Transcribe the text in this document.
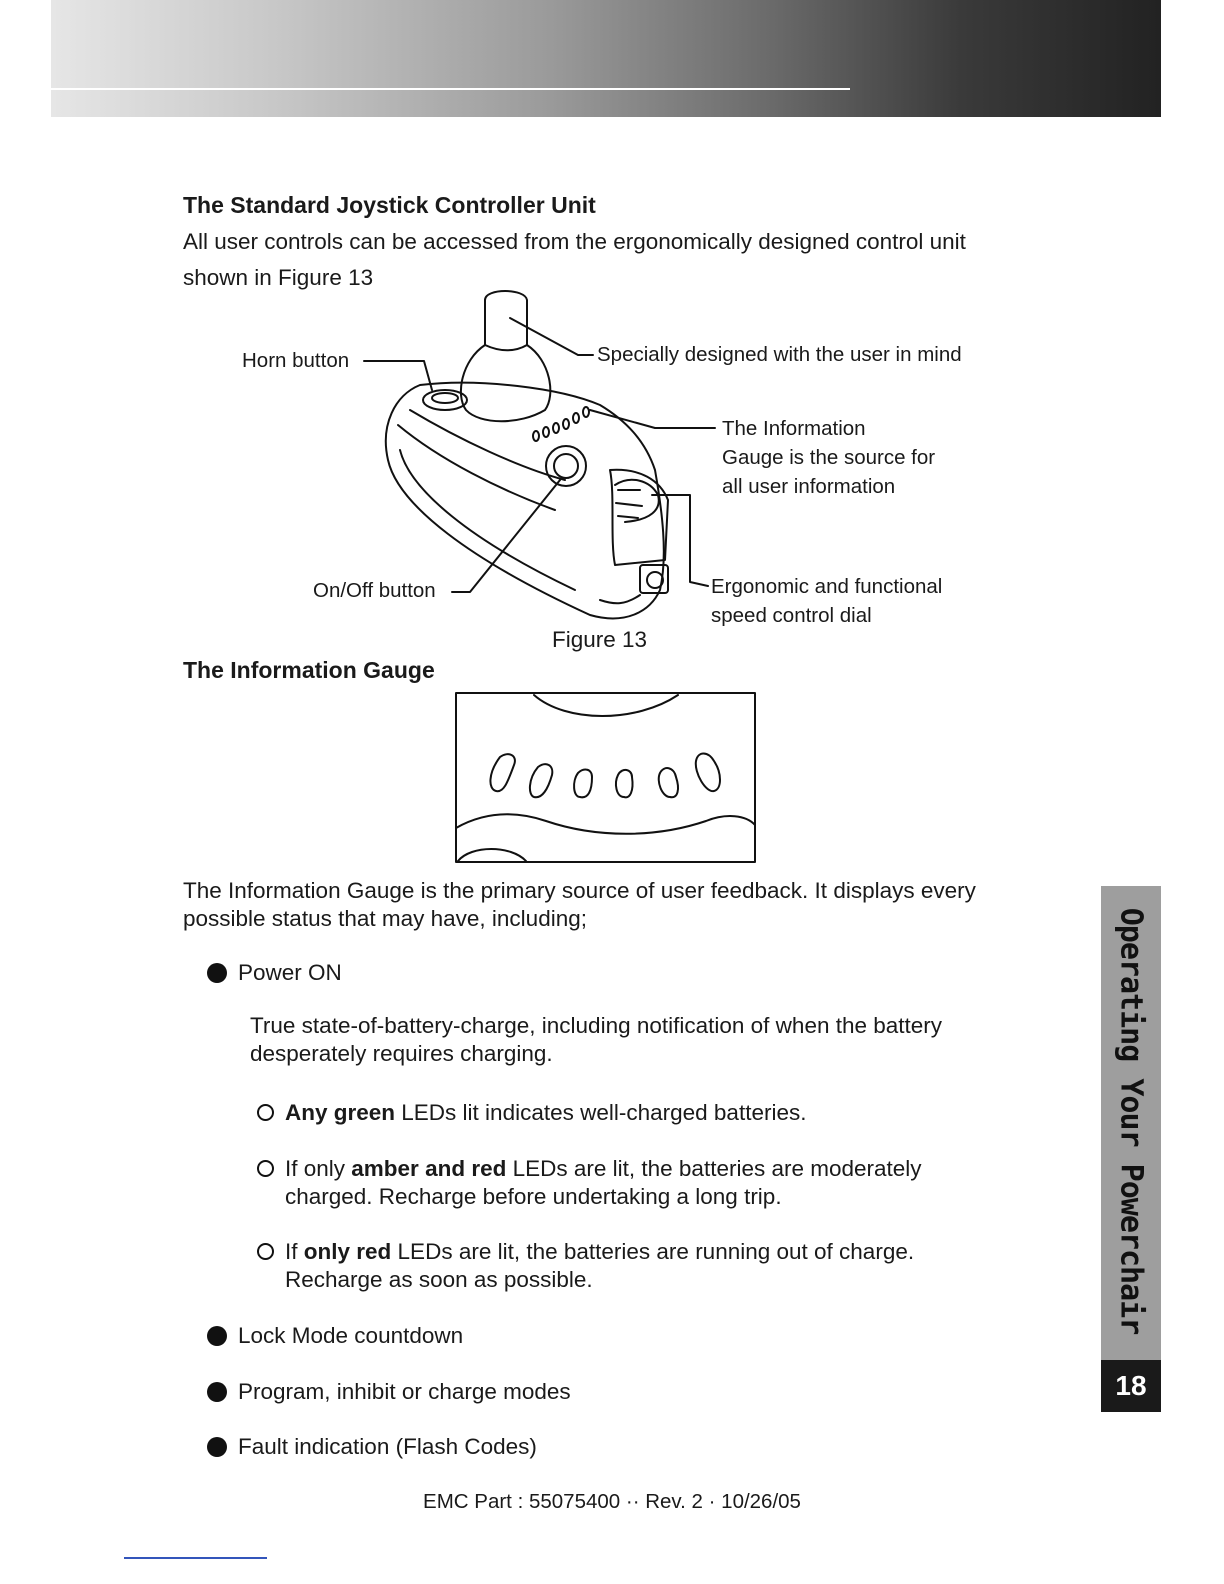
The Standard Joystick Controller Unit
All user controls can be accessed from the ergonomically designed control unit
shown in Figure 13
Horn button	Specially designed with the user in mind
The Information
Gauge is the source for
all user information
On/Off button	Ergonomic and functional
speed control dial
Figure 13
The Information Gauge
The Information Gauge is the primary source of user feedback. It displays every
possible status that may have, including;
Power ON
True state-of-battery-charge, including notification of when the battery
desperately requires charging.
Any green LEDs lit indicates well-charged batteries.
If only amber and red LEDs are lit, the batteries are moderately
charged. Recharge before undertaking a long trip.
If only red LEDs are lit, the batteries are running out of charge.
Recharge as soon as possible.
Lock Mode countdown
Program, inhibit or charge modes
Fault indication (Flash Codes)
Operating Your Powerchair
18
EMC Part : 55075400 ·· Rev. 2 · 10/26/05
